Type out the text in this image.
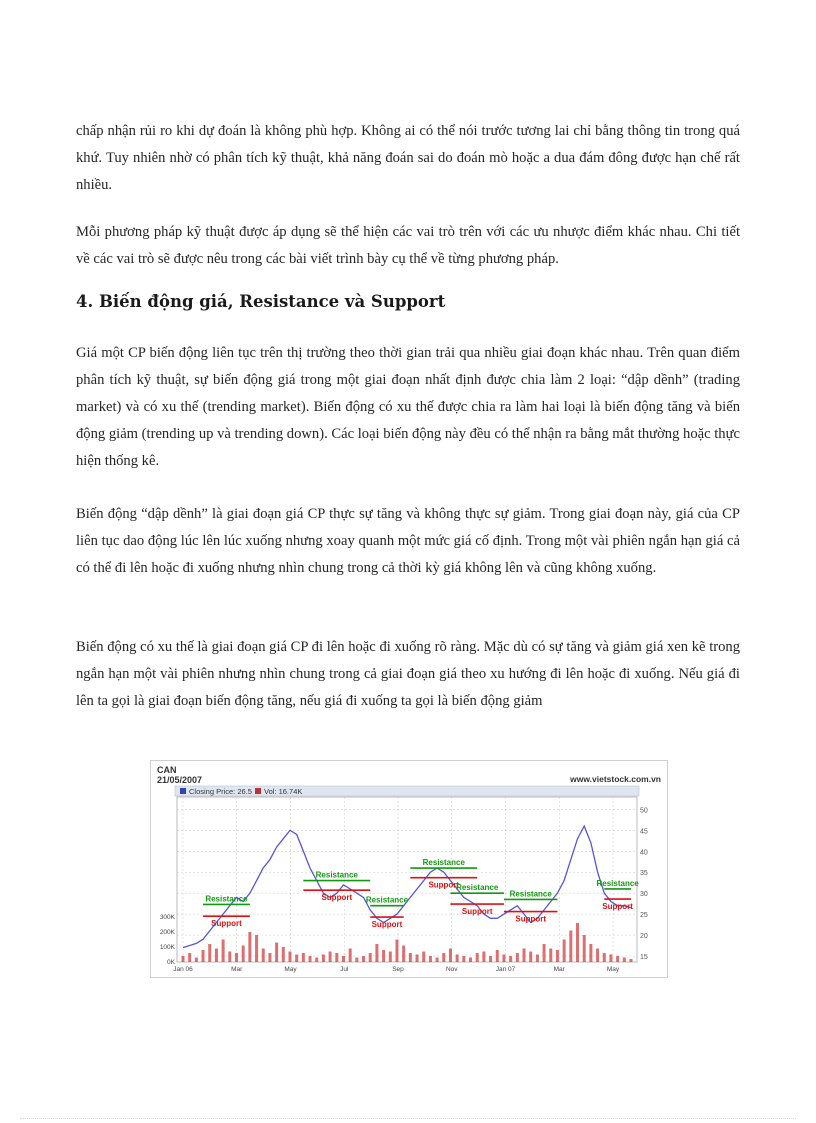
chấp nhận rủi ro khi dự đoán là không phù hợp. Không ai có thể nói trước tương lai chỉ bằng thông tin trong quá khứ. Tuy nhiên nhờ có phân tích kỹ thuật, khả năng đoán sai do đoán mò hoặc a dua đám đông được hạn chế rất nhiều.

Mỗi phương pháp kỹ thuật được áp dụng sẽ thể hiện các vai trò trên với các ưu nhược điểm khác nhau. Chi tiết về các vai trò sẽ được nêu trong các bài viết trình bày cụ thể về từng phương pháp.

4. Biến động giá, Resistance và Support

Giá một CP biến động liên tục trên thị trường theo thời gian trải qua nhiều giai đoạn khác nhau. Trên quan điểm phân tích kỹ thuật, sự biến động giá trong một giai đoạn nhất định được chia làm 2 loại: “dập dềnh” (trading market) và có xu thế (trending market). Biến động có xu thế được chia ra làm hai loại là biến động tăng và biến động giảm (trending up và trending down). Các loại biến động này đều có thể nhận ra bằng mắt thường hoặc thực hiện thống kê.

Biến động “dập dềnh” là giai đoạn giá CP thực sự tăng và không thực sự giảm. Trong giai đoạn này, giá của CP liên tục dao động lúc lên lúc xuống nhưng xoay quanh một mức giá cố định. Trong một vài phiên ngắn hạn giá cả có thể đi lên hoặc đi xuống nhưng nhìn chung trong cả thời kỳ giá không lên và cũng không xuống.

Biến động có xu thế là giai đoạn giá CP đi lên hoặc đi xuống rõ ràng. Mặc dù có sự tăng và giảm giá xen kẽ trong ngắn hạn một vài phiên nhưng nhìn chung trong cả giai đoạn giá theo xu hướng đi lên hoặc đi xuống. Nếu giá đi lên ta gọi là giai đoạn biến động tăng, nếu giá đi xuống ta gọi là biến động giảm

CAN
21/05/2007	www.vietstock.com.vn
Closing Price: 26.5 Vol: 16.74K
Resistance
Support
Resistance
Support Resistance
Support
Resistance
Support
Resistance
Support
Resistance
Support
Resistance
Support
15
20
25
30
35
40
45
50
Jan 06	Mar	May	Jul	Sep	Nov	Jan 07	Mar	May
0K
100K
200K
300K
